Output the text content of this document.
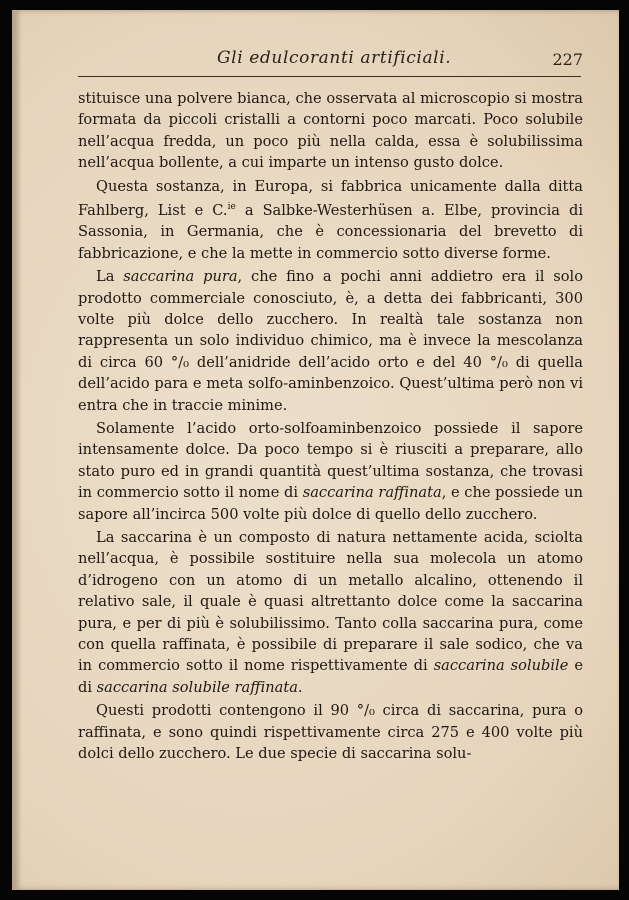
Gli edulcoranti artificiali.	227

stituisce una polvere bianca, che osservata al microscopio si mostra formata da piccoli cristalli a contorni poco marcati. Poco solubile nell’acqua fredda, un poco più nella calda, essa è solubilissima nell’acqua bollente, a cui imparte un intenso gusto dolce.

Questa sostanza, in Europa, si fabbrica unicamente dalla ditta Fahlberg, List e C.$^{ie}$ a Salbke-Westerhüsen a. Elbe, provincia di Sassonia, in Germania, che è concessionaria del brevetto di fabbricazione, e che la mette in commercio sotto diverse forme.

La saccarina pura, che fino a pochi anni addietro era il solo prodotto commerciale conosciuto, è, a detta dei fabbricanti, 300 volte più dolce dello zucchero. In realtà tale sostanza non rappresenta un solo individuo chimico, ma è invece la mescolanza di circa 60 °/₀ dell’anidride dell’acido orto e del 40 °/₀ di quella dell’acido para e meta solfo-aminbenzoico. Quest’ultima però non vi entra che in traccie minime.

Solamente l’acido orto-solfoaminbenzoico possiede il sapore intensamente dolce. Da poco tempo si è riusciti a preparare, allo stato puro ed in grandi quantità quest’ultima sostanza, che trovasi in commercio sotto il nome di saccarina raffinata, e che possiede un sapore all’incirca 500 volte più dolce di quello dello zucchero.

La saccarina è un composto di natura nettamente acida, sciolta nell’acqua, è possibile sostituire nella sua molecola un atomo d’idrogeno con un atomo di un metallo alcalino, ottenendo il relativo sale, il quale è quasi altrettanto dolce come la saccarina pura, e per di più è solubilissimo. Tanto colla saccarina pura, come con quella raffinata, è possibile di preparare il sale sodico, che va in commercio sotto il nome rispettivamente di saccarina solubile e di saccarina solubile raffinata.

Questi prodotti contengono il 90 °/₀ circa di saccarina, pura o raffinata, e sono quindi rispettivamente circa 275 e 400 volte più dolci dello zucchero. Le due specie di saccarina solu-
